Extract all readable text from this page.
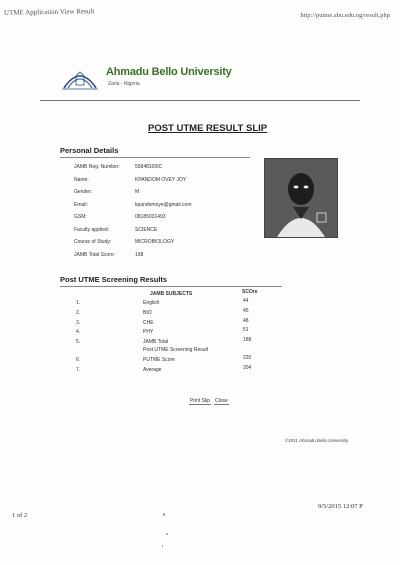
UTME Application View Result	http://putme.abu.edu.ng/result.php
Ahmadu Bello University
Zaria - Nigeria
POST UTME RESULT SLIP
Personal Details
JAMB Reg. Number:	55848100IC
Name:	KPANDOM OVEY JOY
Gender:	M
Email:	kpandomoye@gmail.com
GSM:	08185031493
Faculty applied:	SCIENCE
Course of Study:	MICROBIOLOGY
JAMB Total Score:	168
Post UTME Screening Results
JAMB SUBJECTS	SCOre
1.	English	44
2.	BIO	45
3.	CHE	48
4.	PHY	51
5.	JAMB Total	188
Post UTME Screening Result
6.	PUTME Score	220
7.	Average	204
Print Slip Close
©2011 Ahmadu Bello University
1 of 2
9/5/2015 12:07 P
